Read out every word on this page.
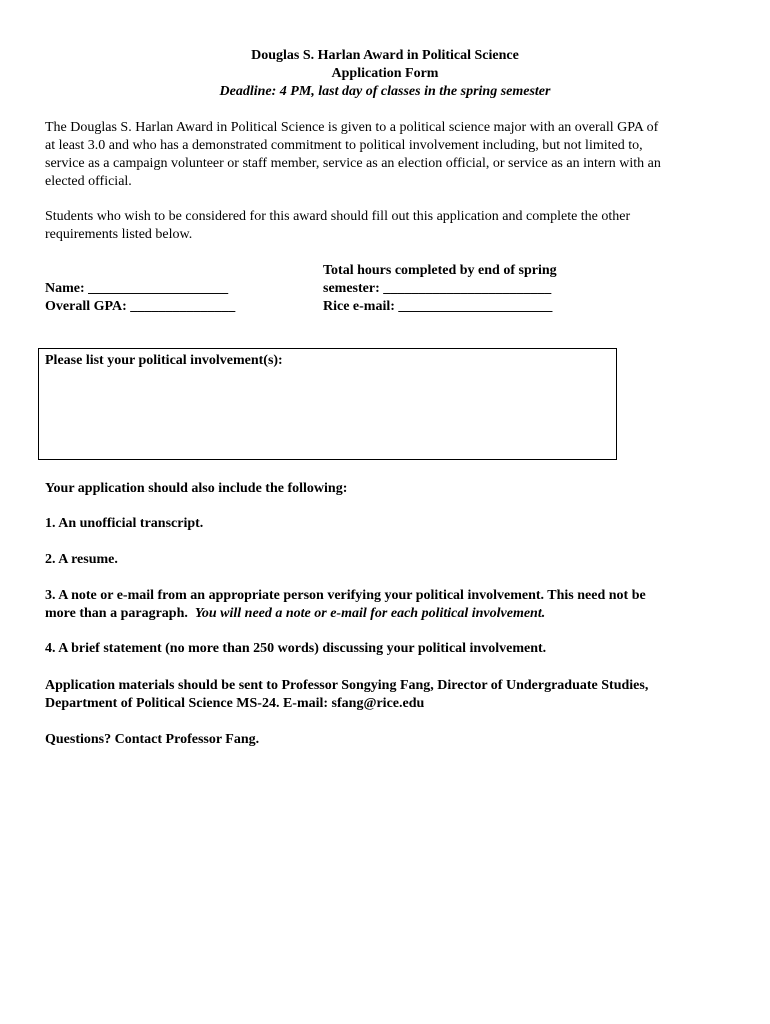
Douglas S. Harlan Award in Political Science
Application Form
Deadline: 4 PM, last day of classes in the spring semester
The Douglas S. Harlan Award in Political Science is given to a political science major with an overall GPA of
at least 3.0 and who has a demonstrated commitment to political involvement including, but not limited to,
service as a campaign volunteer or staff member, service as an election official, or service as an intern with an
elected official.
Students who wish to be considered for this award should fill out this application and complete the other
requirements listed below.
Name: ____________________
Overall GPA: _______________
Total hours completed by end of spring
semester: ________________________
Rice e-mail: ______________________
Please list your political involvement(s):
Your application should also include the following:
1. An unofficial transcript.
2. A resume.
3. A note or e-mail from an appropriate person verifying your political involvement. This need not be
more than a paragraph.  You will need a note or e-mail for each political involvement.
4. A brief statement (no more than 250 words) discussing your political involvement.
Application materials should be sent to Professor Songying Fang, Director of Undergraduate Studies,
Department of Political Science MS-24. E-mail: sfang@rice.edu
Questions? Contact Professor Fang.
